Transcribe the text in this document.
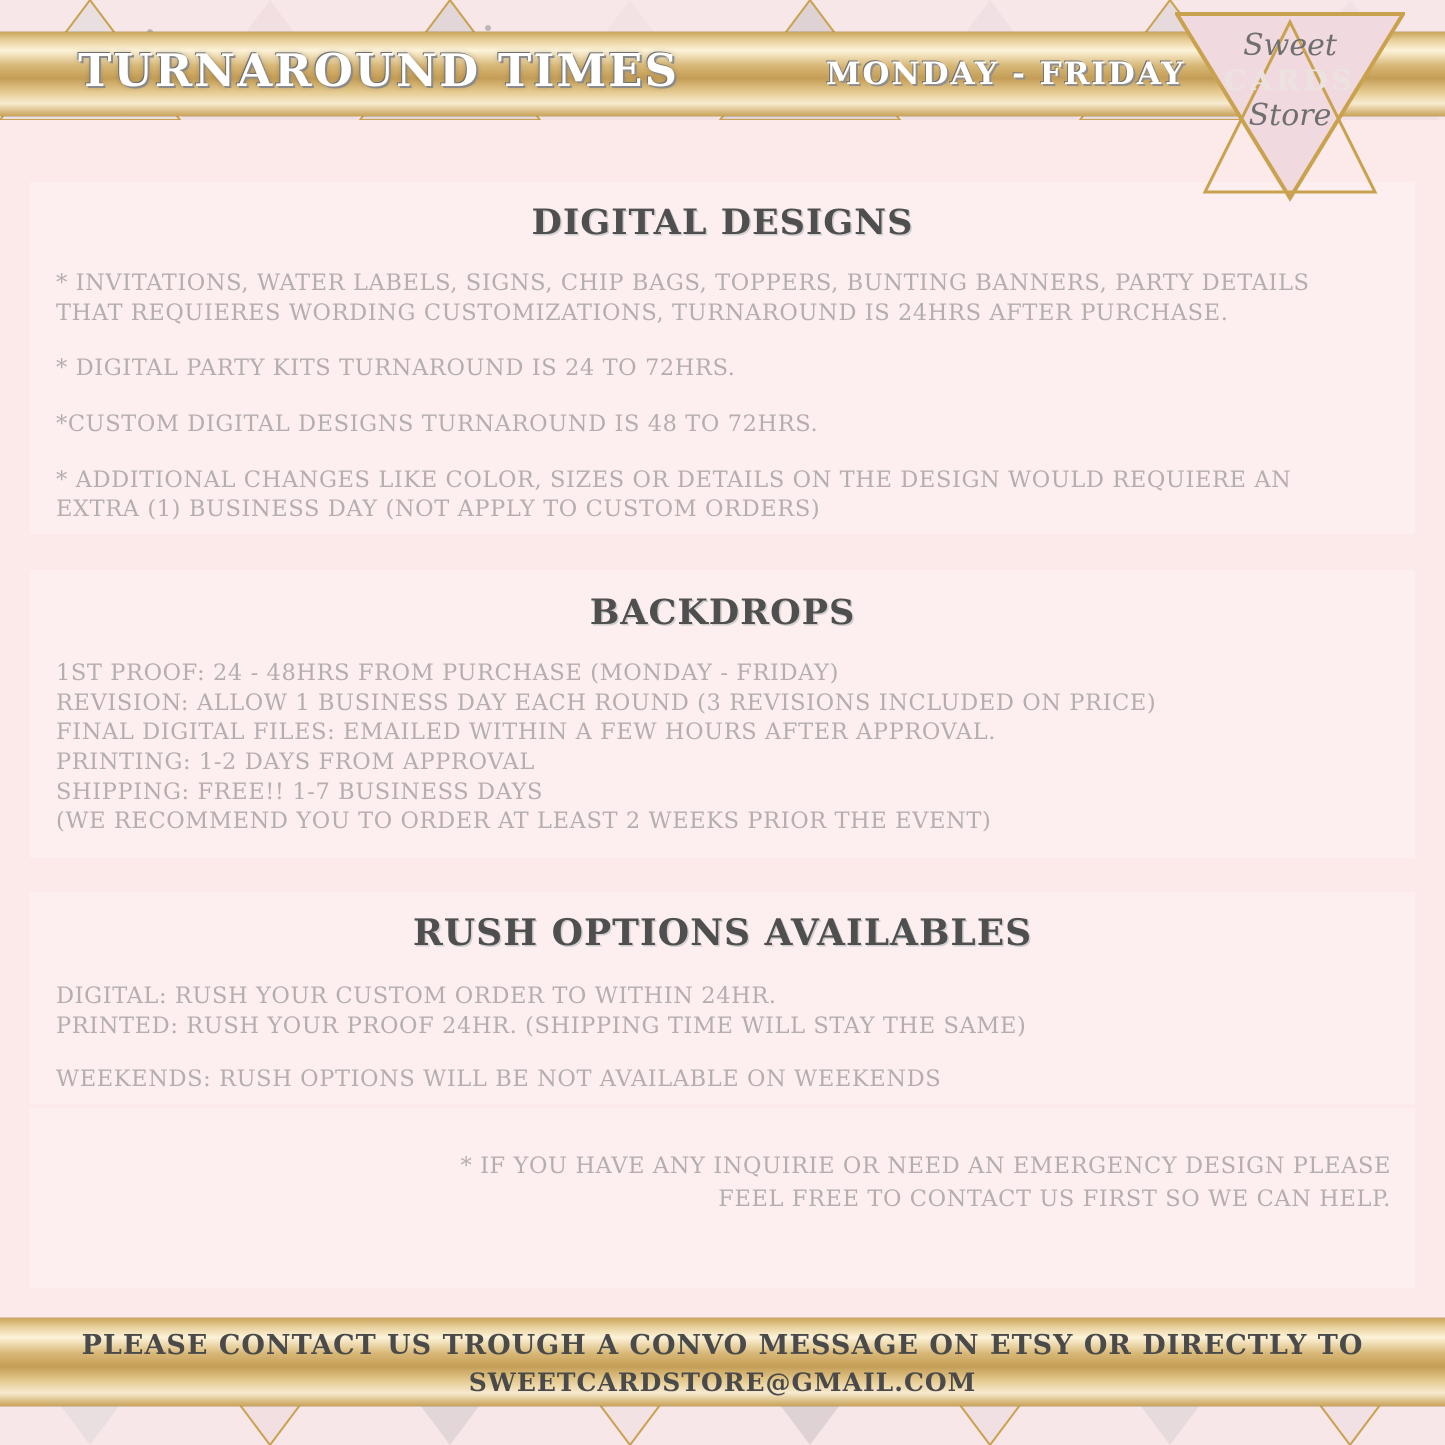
DIGITAL DESIGNS
* INVITATIONS, WATER LABELS, SIGNS, CHIP BAGS, TOPPERS, BUNTING BANNERS, PARTY DETAILS
THAT REQUIERES WORDING CUSTOMIZATIONS, TURNAROUND IS 24HRS AFTER PURCHASE.
* DIGITAL PARTY KITS TURNAROUND IS 24 TO 72HRS.
*CUSTOM DIGITAL DESIGNS TURNAROUND IS 48 TO 72HRS.
* ADDITIONAL CHANGES LIKE COLOR, SIZES OR DETAILS ON THE DESIGN WOULD REQUIERE AN
EXTRA (1) BUSINESS DAY (NOT APPLY TO CUSTOM ORDERS)
BACKDROPS
1ST PROOF: 24 - 48HRS FROM PURCHASE (MONDAY - FRIDAY)
REVISION: ALLOW 1 BUSINESS DAY EACH ROUND (3 REVISIONS INCLUDED ON PRICE)
FINAL DIGITAL FILES: EMAILED WITHIN A FEW HOURS AFTER APPROVAL.
PRINTING: 1-2 DAYS FROM APPROVAL
SHIPPING: FREE!! 1-7 BUSINESS DAYS
(WE RECOMMEND YOU TO ORDER AT LEAST 2 WEEKS PRIOR THE EVENT)
RUSH OPTIONS AVAILABLES
DIGITAL: RUSH YOUR CUSTOM ORDER TO WITHIN 24HR.
PRINTED: RUSH YOUR PROOF 24HR. (SHIPPING TIME WILL STAY THE SAME)
WEEKENDS: RUSH OPTIONS WILL BE NOT AVAILABLE ON WEEKENDS
* IF YOU HAVE ANY INQUIRIE OR NEED AN EMERGENCY DESIGN PLEASE
FEEL FREE TO CONTACT US FIRST SO WE CAN HELP.
TURNAROUND TIMES	MONDAY - FRIDAY
Sweet
CARDS
Store
PLEASE CONTACT US TROUGH A CONVO MESSAGE ON ETSY OR DIRECTLY TO
SWEETCARDSTORE@GMAIL.COM
